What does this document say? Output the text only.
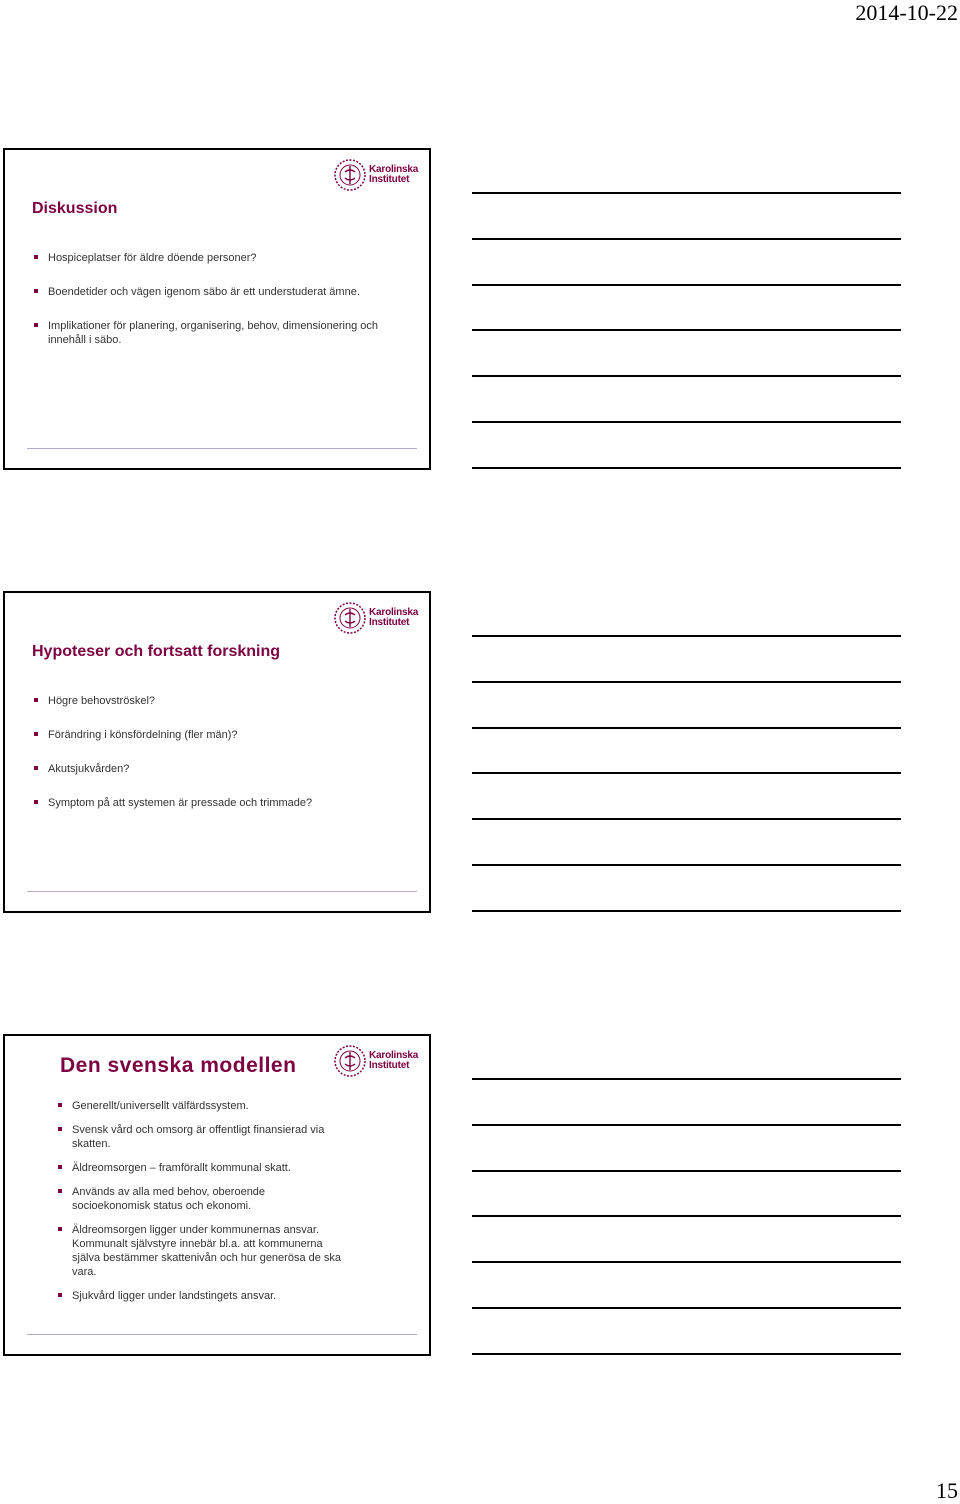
2014-10-22
Karolinska
Institutet
Diskussion
Hospiceplatser för äldre döende personer?
Boendetider och vägen igenom säbo är ett understuderat ämne.
Implikationer för planering, organisering, behov, dimensionering och innehåll i säbo.
Karolinska
Institutet
Hypoteser och fortsatt forskning
Högre behovströskel?
Förändring i könsfördelning (fler män)?
Akutsjukvården?
Symptom på att systemen är pressade och trimmade?
Karolinska
Institutet
Den svenska modellen
Generellt/universellt välfärdssystem.
Svensk vård och omsorg är offentligt finansierad via skatten.
Äldreomsorgen – framförallt kommunal skatt.
Används av alla med behov, oberoende socioekonomisk status och ekonomi.
Äldreomsorgen ligger under kommunernas ansvar. Kommunalt självstyre innebär bl.a. att kommunerna själva bestämmer skattenivån och hur generösa de ska vara.
Sjukvård ligger under landstingets ansvar.
15
